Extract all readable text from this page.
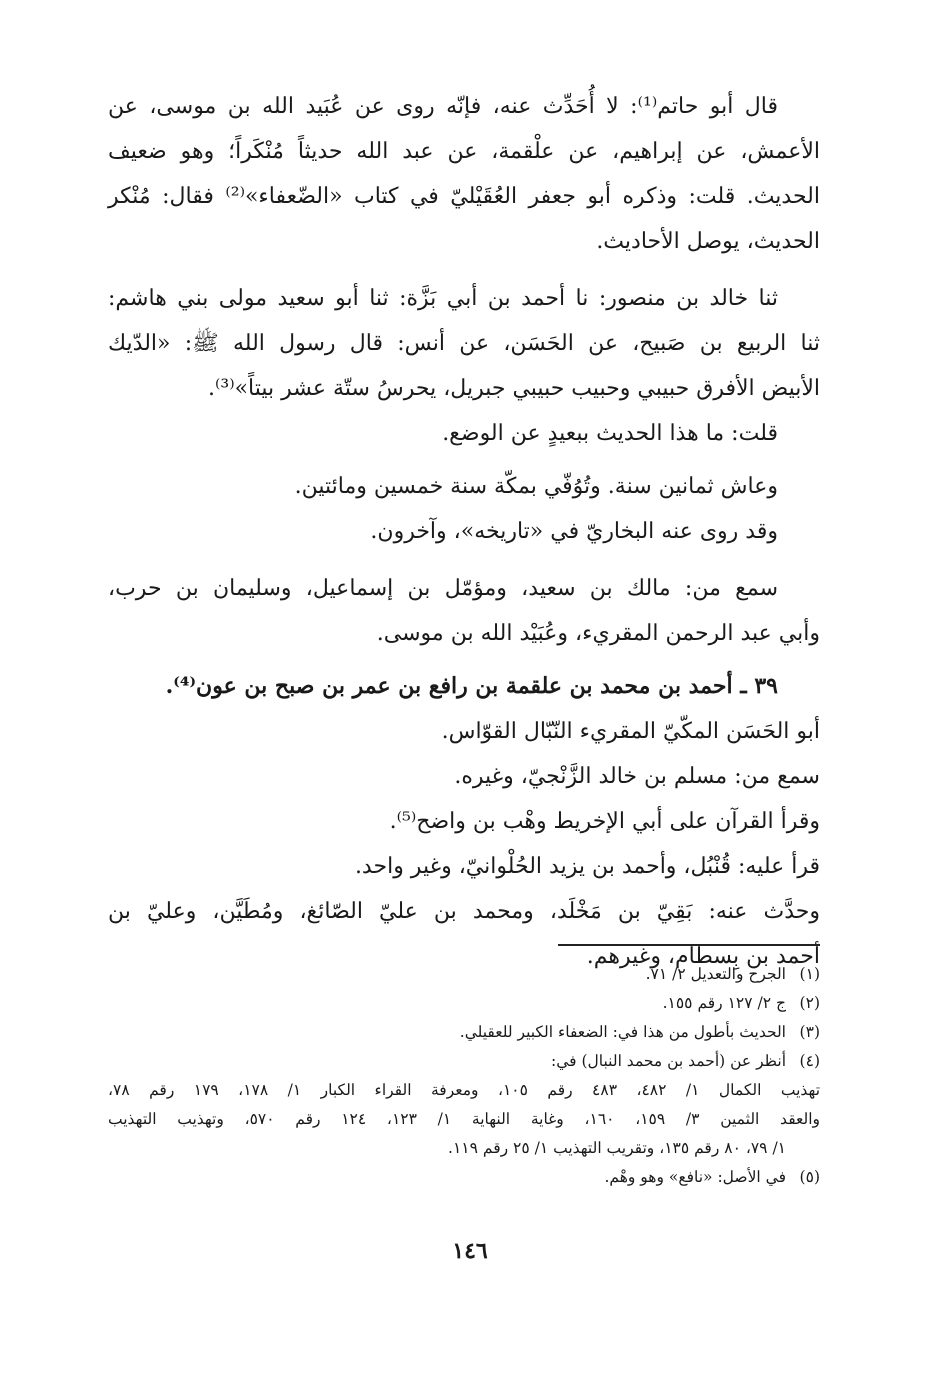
قال أبو حاتم⁽¹⁾: لا أُحَدِّث عنه، فإنّه روى عن عُبَيد الله بن موسى، عن

الأعمش، عن إبراهيم، عن علْقمة، عن عبد الله حديثاً مُنْكَراً؛ وهو ضعيف
الحديث. قلت: وذكره أبو جعفر العُقَيْليّ في كتاب «الضّعفاء»⁽²⁾ فقال: مُنْكر
الحديث، يوصل الأحاديث.

ثنا خالد بن منصور: نا أحمد بن أبي بَزَّة: ثنا أبو سعيد مولى بني هاشم:

ثنا الربيع بن صَبيح، عن الحَسَن، عن أنس: قال رسول الله ﷺ: «الدّيك
الأبيض الأفرق حبيبي وحبيب حبيبي جبريل، يحرسُ ستّة عشر بيتاً»⁽³⁾.

قلت: ما هذا الحديث ببعيدٍ عن الوضع.

وعاش ثمانين سنة. وتُوُفّي بمكّة سنة خمسين ومائتين.

وقد روى عنه البخاريّ في «تاريخه»، وآخرون.

سمع من: مالك بن سعيد، ومؤمّل بن إسماعيل، وسليمان بن حرب،

وأبي عبد الرحمن المقريء، وعُبَيْد الله بن موسى.

٣٩ ـ أحمد بن محمد بن علقمة بن رافع بن عمر بن صبح بن عون⁽⁴⁾.

أبو الحَسَن المكّيّ المقريء النّبّال القوّاس.

سمع من: مسلم بن خالد الزَّنْجيّ، وغيره.

وقرأ القرآن على أبي الإخريط وهْب بن واضح⁽⁵⁾.

قرأ عليه: قُنْبُل، وأحمد بن يزيد الحُلْوانيّ، وغير واحد.

وحدَّث عنه: بَقِيّ بن مَخْلَد، ومحمد بن عليّ الصّائغ، ومُطَيَّن، وعليّ بن
أحمد بن بِسطام، وغيرهم.

(١)الجرح والتعديل ٢/ ٧١.

(٢)ج ٢/ ١٢٧ رقم ١٥٥.

(٣)الحديث بأطول من هذا في: الضعفاء الكبير للعقيلي.

(٤)أنظر عن (أحمد بن محمد النبال) في:

تهذيب الكمال ١/ ٤٨٢، ٤٨٣ رقم ١٠٥، ومعرفة القراء الكبار ١/ ١٧٨، ١٧٩ رقم ٧٨،
والعقد الثمين ٣/ ١٥٩، ١٦٠، وغاية النهاية ١/ ١٢٣، ١٢٤ رقم ٥٧٠، وتهذيب التهذيب
١/ ٧٩، ٨٠ رقم ١٣٥، وتقريب التهذيب ١/ ٢٥ رقم ١١٩.

(٥)في الأصل: «نافع» وهو وهْم.

١٤٦
